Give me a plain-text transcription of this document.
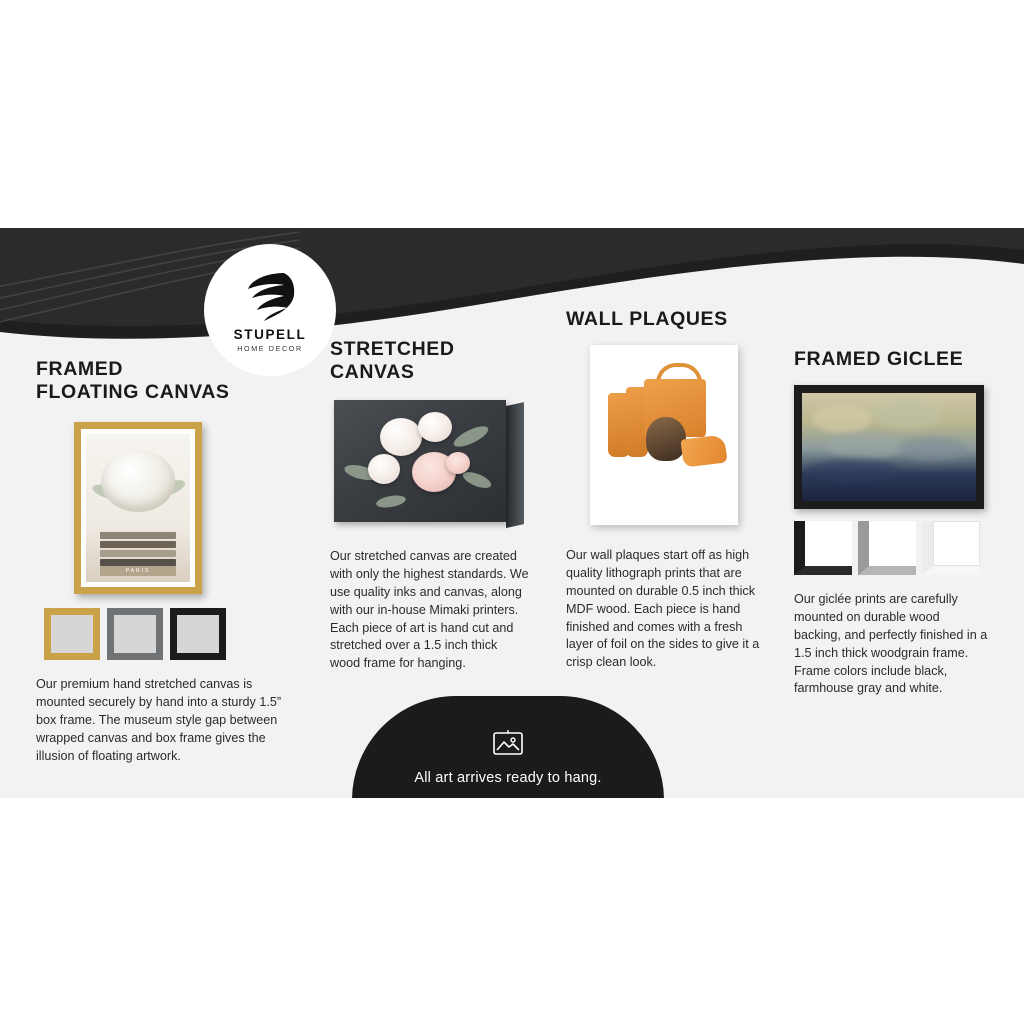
STUPELL
HOME DECOR
FRAMED
FLOATING CANVAS
PARIS
Our premium hand stretched canvas is mounted securely by hand into a sturdy 1.5” box frame. The museum style gap between wrapped canvas and box frame gives the illusion of floating artwork.
STRETCHED
CANVAS
Our stretched canvas are created with only the highest standards. We use quality inks and canvas, along with our in-house Mimaki printers. Each piece of art is hand cut and stretched over a 1.5 inch thick wood frame for hanging.
WALL PLAQUES
Our wall plaques start off as high quality lithograph prints that are mounted on durable 0.5 inch thick MDF wood. Each piece is hand finished and comes with a fresh layer of foil on the sides to give it a crisp clean look.
FRAMED GICLEE
Our giclée prints are carefully mounted on durable wood backing, and perfectly finished in a 1.5 inch thick woodgrain frame. Frame colors include black, farmhouse gray and white.
All art arrives ready to hang.
